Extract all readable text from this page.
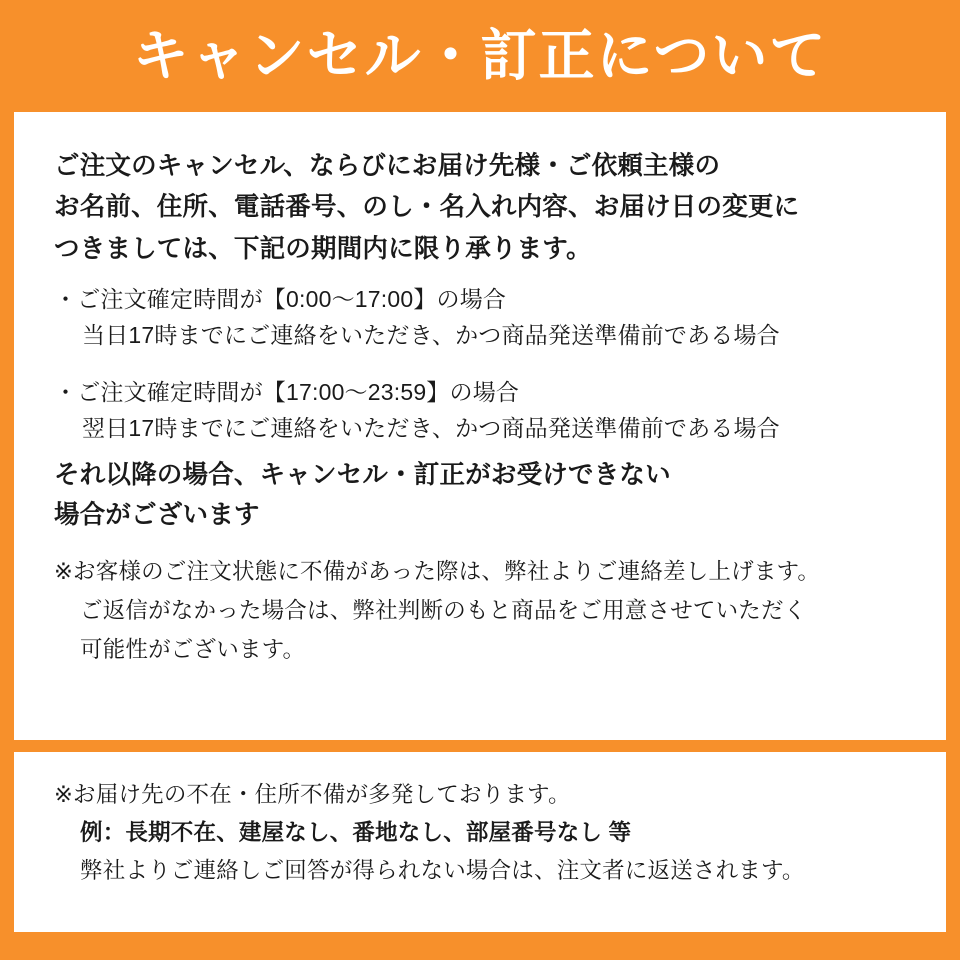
キャンセル・訂正について
ご注文のキャンセル、ならびにお届け先様・ご依頼主様の
お名前、住所、電話番号、のし・名入れ内容、お届け日の変更に
つきましては、下記の期間内に限り承ります。
・ご注文確定時間が【0:00〜17:00】の場合
当日17時までにご連絡をいただき、かつ商品発送準備前である場合
・ご注文確定時間が【17:00〜23:59】の場合
翌日17時までにご連絡をいただき、かつ商品発送準備前である場合
それ以降の場合、キャンセル・訂正がお受けできない
場合がございます
※お客様のご注文状態に不備があった際は、弊社よりご連絡差し上げます。
ご返信がなかった場合は、弊社判断のもと商品をご用意させていただく
可能性がございます。
※お届け先の不在・住所不備が多発しております。
例：長期不在、建屋なし、番地なし、部屋番号なし 等
弊社よりご連絡しご回答が得られない場合は、注文者に返送されます。
